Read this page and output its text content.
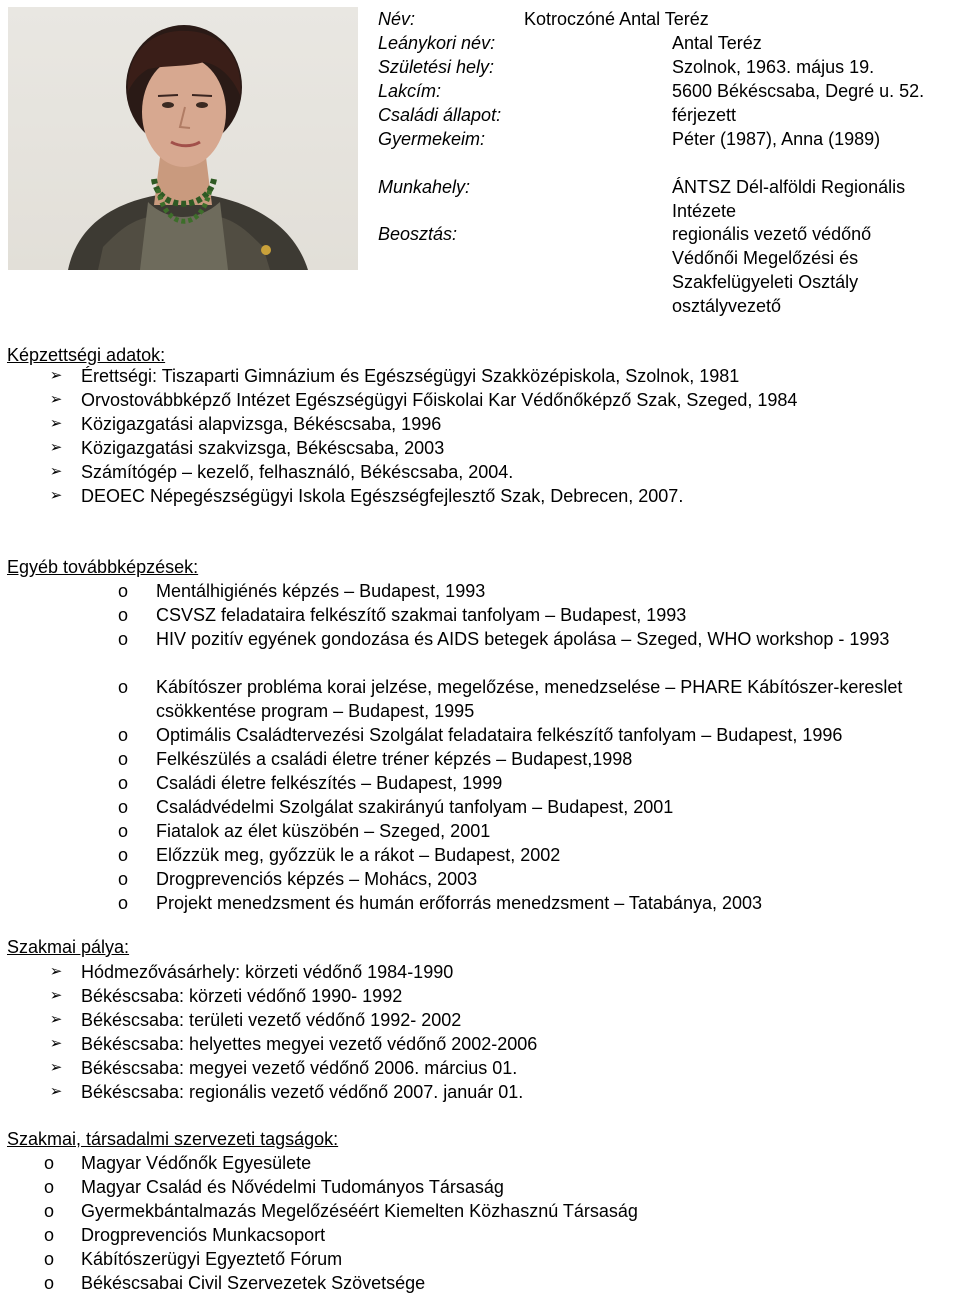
Név:	Kotroczóné Antal Teréz
Leánykori név:	Antal Teréz
Születési hely:	Szolnok, 1963. május 19.
Lakcím:	5600 Békéscsaba, Degré u. 52.
Családi állapot:	férjezett
Gyermekeim:	Péter (1987), Anna (1989)
Munkahely:	ÁNTSZ Dél-alföldi Regionális
Intézete
Beosztás:	regionális vezető védőnő
Védőnői Megelőzési és
Szakfelügyeleti Osztály
osztályvezető
Képzettségi adatok:
➢ Érettségi: Tiszaparti Gimnázium és Egészségügyi Szakközépiskola, Szolnok, 1981
➢ Orvostovábbképző Intézet Egészségügyi Főiskolai Kar Védőnőképző Szak, Szeged, 1984
➢ Közigazgatási alapvizsga, Békéscsaba, 1996
➢ Közigazgatási szakvizsga, Békéscsaba, 2003
➢ Számítógép – kezelő, felhasználó, Békéscsaba, 2004.
➢ DEOEC Népegészségügyi Iskola Egészségfejlesztő Szak, Debrecen, 2007.
Egyéb továbbképzések:
o Mentálhigiénés képzés – Budapest, 1993
o CSVSZ feladataira felkészítő szakmai tanfolyam – Budapest, 1993
o HIV pozitív egyének gondozása és AIDS betegek ápolása – Szeged, WHO workshop - 1993
o Kábítószer probléma korai jelzése, megelőzése, menedzselése – PHARE Kábítószer-kereslet csökkentése program – Budapest, 1995
o Optimális Családtervezési Szolgálat feladataira felkészítő tanfolyam – Budapest, 1996
o Felkészülés a családi életre tréner képzés – Budapest,1998
o Családi életre felkészítés – Budapest, 1999
o Családvédelmi Szolgálat szakirányú tanfolyam – Budapest, 2001
o Fiatalok az élet küszöbén – Szeged, 2001
o Előzzük meg, győzzük le a rákot – Budapest, 2002
o Drogprevenciós képzés – Mohács, 2003
o Projekt menedzsment és humán erőforrás menedzsment – Tatabánya, 2003
Szakmai pálya:
➢ Hódmezővásárhely: körzeti védőnő 1984-1990
➢ Békéscsaba: körzeti védőnő 1990- 1992
➢ Békéscsaba: területi vezető védőnő 1992- 2002
➢ Békéscsaba: helyettes megyei vezető védőnő 2002-2006
➢ Békéscsaba: megyei vezető védőnő 2006. március 01.
➢ Békéscsaba: regionális vezető védőnő 2007. január 01.
Szakmai, társadalmi szervezeti tagságok:
o Magyar Védőnők Egyesülete
o Magyar Család és Nővédelmi Tudományos Társaság
o Gyermekbántalmazás Megelőzéséért Kiemelten Közhasznú Társaság
o Drogprevenciós Munkacsoport
o Kábítószerügyi Egyeztető Fórum
o Békéscsabai Civil Szervezetek Szövetsége
